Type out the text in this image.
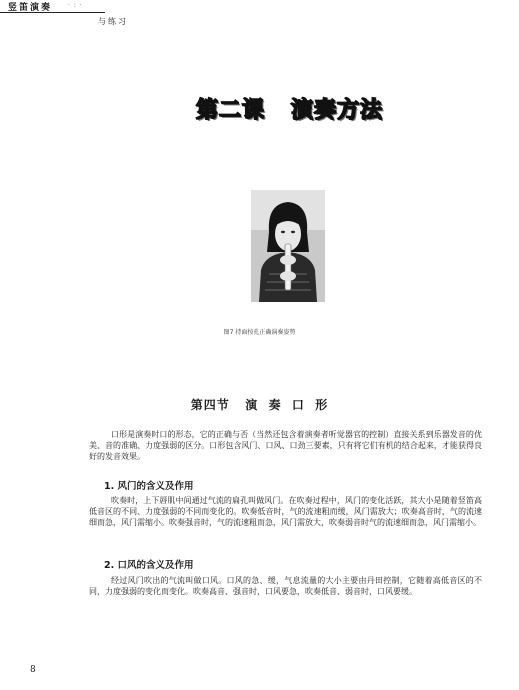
竖笛演奏	· : ·
与练习
第二课   演奏方法
图7 持面按孔正确演奏姿势
第四节   演  奏  口  形
口形是演奏时口的形态，它的正确与否（当然还包含着演奏者听觉器官的控制）直接关系到乐器发音的优美、音的准确、力度强弱的区分。口形包含风门、口风、口劲三要素，只有将它们有机的结合起来，才能获得良好的发音效果。
1. 风门的含义及作用
吹奏时，上下唇肌中间通过气流的扁孔叫做风门。在吹奏过程中，风门的变化活跃，其大小是随着竖笛高低音区的不同、力度强弱的不同而变化的。吹奏低音时，气的流速粗而缓，风门需放大；吹奏高音时，气的流速细而急，风门需缩小。吹奏强音时，气的流速粗而急，风门需放大，吹奏弱音时气的流速细而急，风门需缩小。
2. 口风的含义及作用
经过风门吹出的气流叫做口风。口风的急、缓，气息流量的大小主要由丹田控制，它随着高低音区的不同，力度强弱的变化而变化。吹奏高音、强音时，口风要急，吹奏低音、弱音时，口风要缓。
8
